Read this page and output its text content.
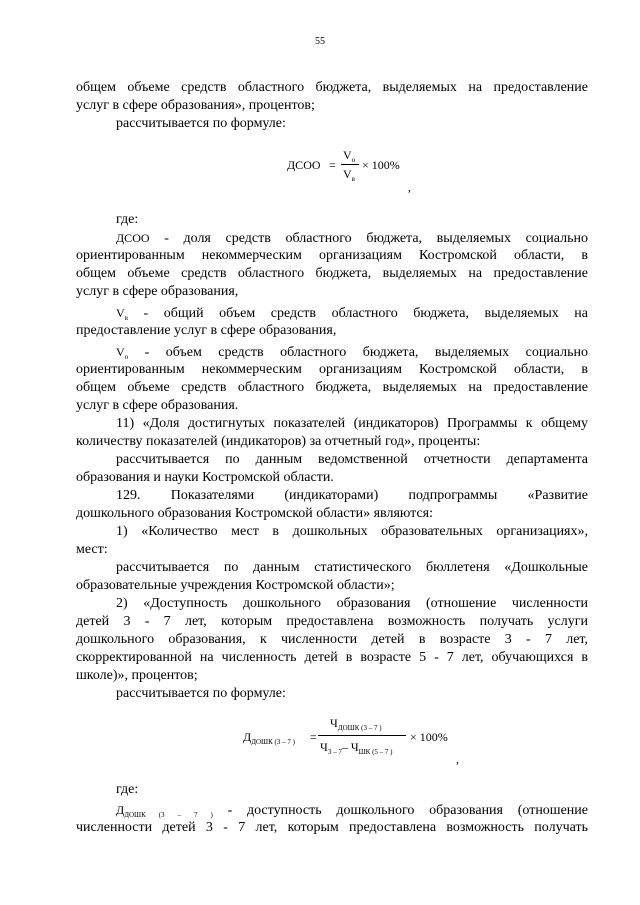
55
общем объеме средств областного бюджета, выделяемых на предоставление
услуг в сфере образования», процентов;
рассчитывается по формуле:
ДСОО =
$V_о$
$V_в$
× 100%
,
где:
ДСОО - доля средств областного бюджета, выделяемых социально
ориентированным некоммерческим организациям Костромской области, в
общем объеме средств областного бюджета, выделяемых на предоставление
услуг в сфере образования,
$V_в$ - общий объем средств областного бюджета, выделяемых на
предоставление услуг в сфере образования,
$V_о$ - объем средств областного бюджета, выделяемых социально
ориентированным некоммерческим организациям Костромской области, в
общем объеме средств областного бюджета, выделяемых на предоставление
услуг в сфере образования.
11) «Доля достигнутых показателей (индикаторов) Программы к общему
количеству показателей (индикаторов) за отчетный год», проценты:
рассчитывается по данным ведомственной отчетности департамента
образования и науки Костромской области.
129. Показателями (индикаторами) подпрограммы «Развитие
дошкольного образования Костромской области» являются:
1) «Количество мест в дошкольных образовательных организациях»,
мест:
рассчитывается по данным статистического бюллетеня «Дошкольные
образовательные учреждения Костромской области»;
2) «Доступность дошкольного образования (отношение численности
детей 3 - 7 лет, которым предоставлена возможность получать услуги
дошкольного образования, к численности детей в возрасте 3 - 7 лет,
скорректированной на численность детей в возрасте 5 - 7 лет, обучающихся в
школе)», процентов;
рассчитывается по формуле:
$Д_{ДОШК (3 - 7 )}$ =
$Ч_{ДОШК (3 - 7 )}$
$Ч_{3 - 7}-$ $Ч_{ШК (5 - 7 )}$
× 100%
,
где:
$Д_{ДОШК (3 - 7 )}$ - доступность дошкольного образования (отношение
численности детей 3 - 7 лет, которым предоставлена возможность получать
